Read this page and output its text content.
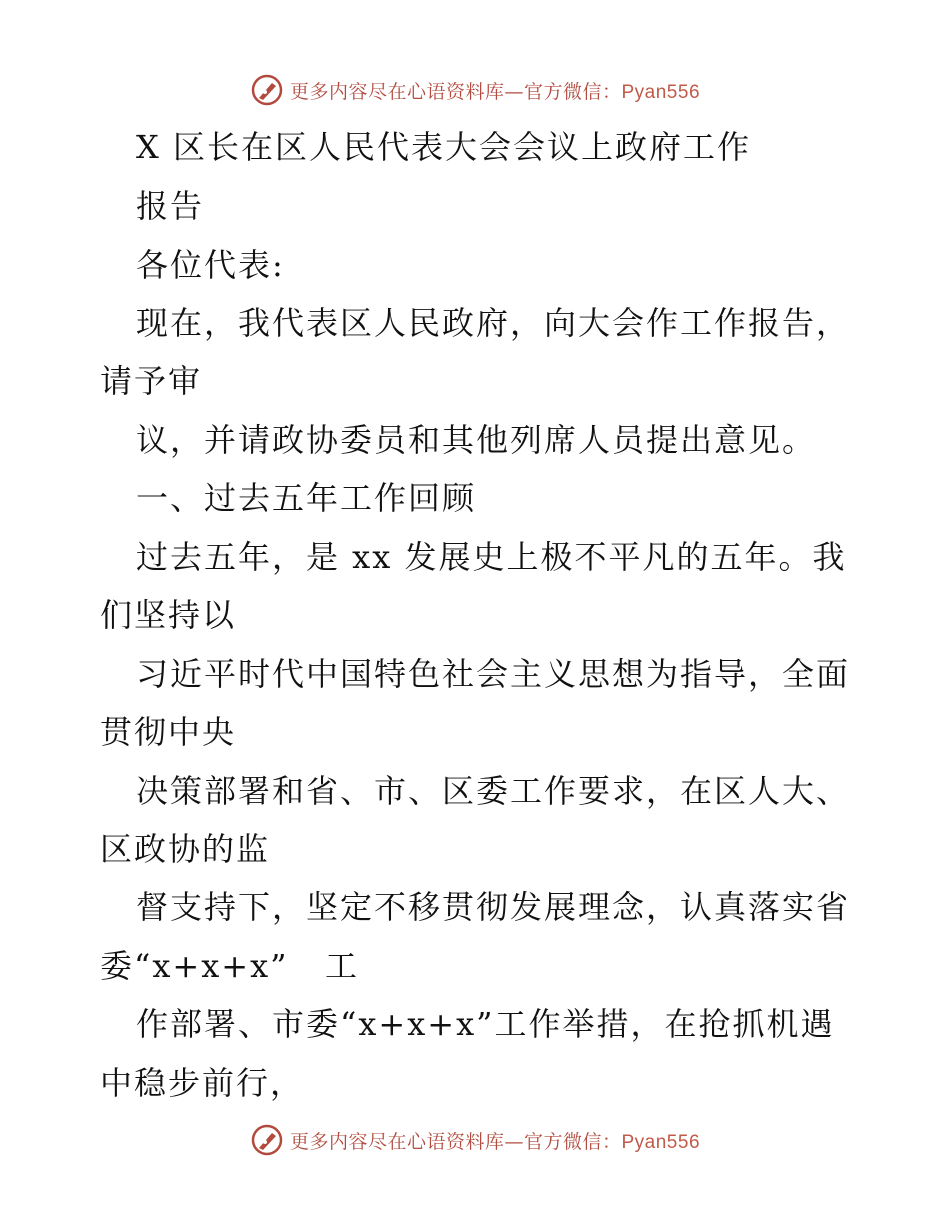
更多内容尽在心语资料库—官方微信：Pyan556
X 区长在区人民代表大会会议上政府工作
报告
各位代表:
现在，我代表区人民政府，向大会作工作报告，
请予审
议，并请政协委员和其他列席人员提出意见。
一、过去五年工作回顾
过去五年，是 xx 发展史上极不平凡的五年。我
们坚持以
习近平时代中国特色社会主义思想为指导，全面
贯彻中央
决策部署和省、市、区委工作要求，在区人大、
区政协的监
督支持下，坚定不移贯彻发展理念，认真落实省
委“x+x+x”   工
作部署、市委“x+x+x”工作举措，在抢抓机遇
中稳步前行，
更多内容尽在心语资料库—官方微信：Pyan556
